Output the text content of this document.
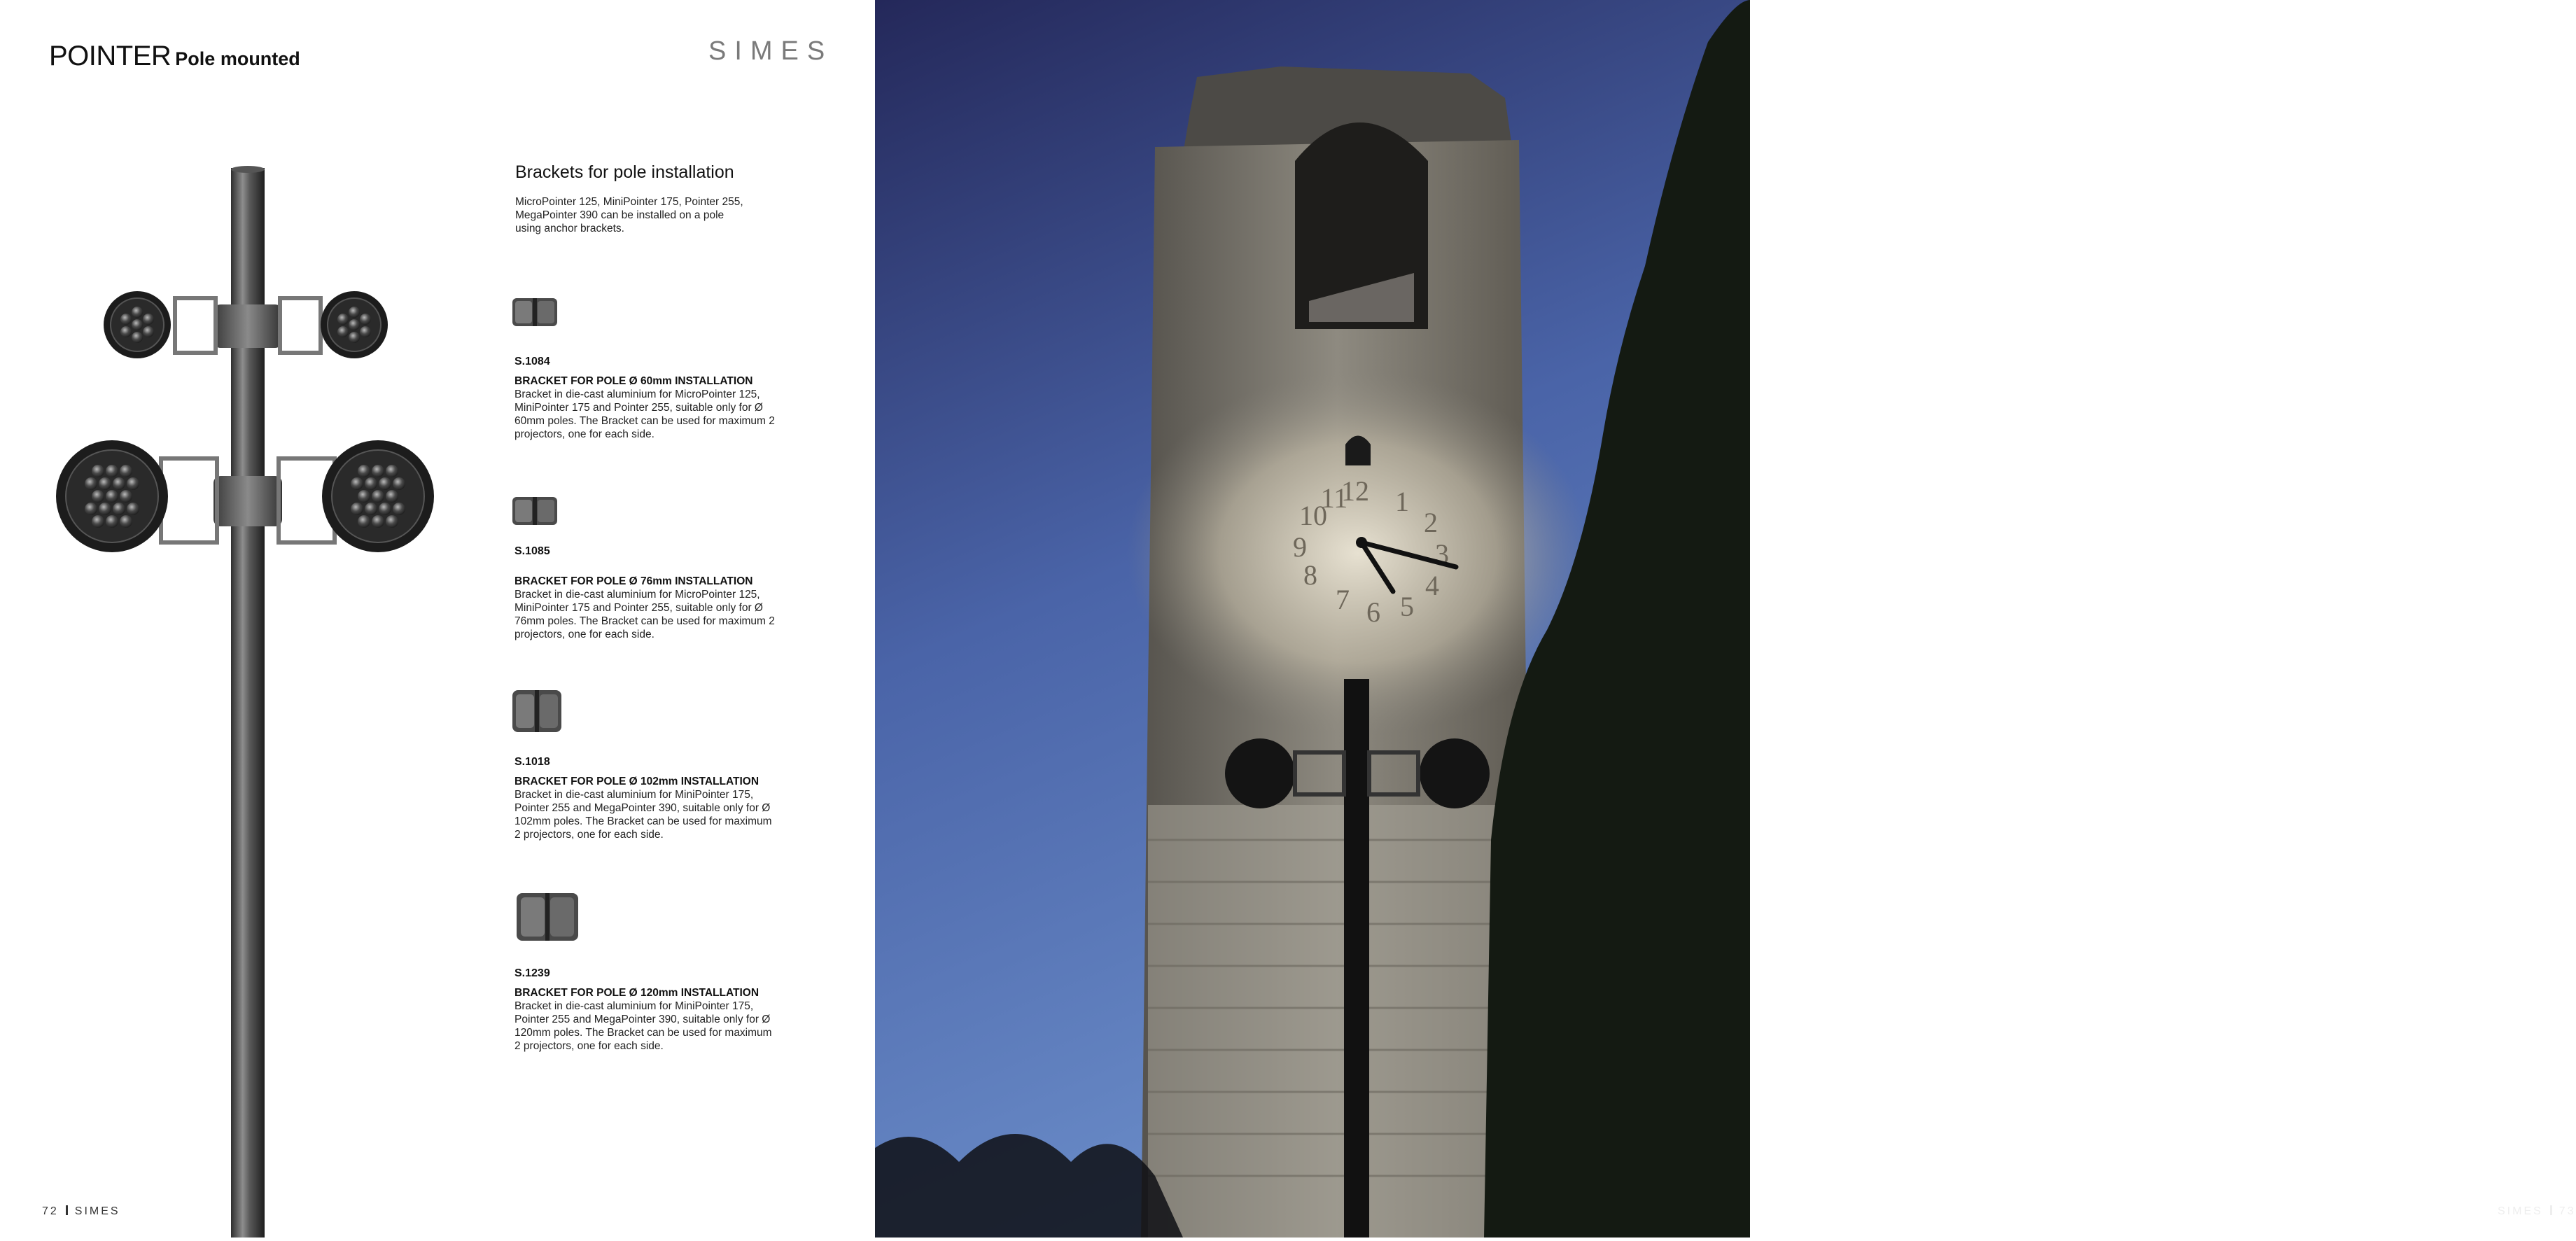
POINTER Pole mounted	SIMES
Brackets for pole installation
MicroPointer 125, MiniPointer 175, Pointer 255, MegaPointer 390 can be installed on a pole using anchor brackets.

S.1084

BRACKET FOR POLE Ø 60mm INSTALLATION

Bracket in die-cast aluminium for MicroPointer 125, MiniPointer 175 and Pointer 255, suitable only for Ø 60mm poles. The Bracket can be used for maximum 2 projectors, one for each side.

S.1085

BRACKET FOR POLE Ø 76mm INSTALLATION

Bracket in die-cast aluminium for MicroPointer 125, MiniPointer 175 and Pointer 255, suitable only for Ø 76mm poles. The Bracket can be used for maximum 2 projectors, one for each side.

S.1018

BRACKET FOR POLE Ø 102mm INSTALLATION

Bracket in die-cast aluminium for MiniPointer 175, Pointer 255 and MegaPointer 390, suitable only for Ø 102mm poles. The Bracket can be used for maximum 2 projectors, one for each side.

S.1239

BRACKET FOR POLE Ø 120mm INSTALLATION

Bracket in die-cast aluminium for MiniPointer 175, Pointer 255 and MegaPointer 390, suitable only for Ø 120mm poles. The Bracket can be used for maximum 2 projectors, one for each side.

72 SIMES
12 1
2
3
4
5
6
7
8
9
10
11
SIMES 73
